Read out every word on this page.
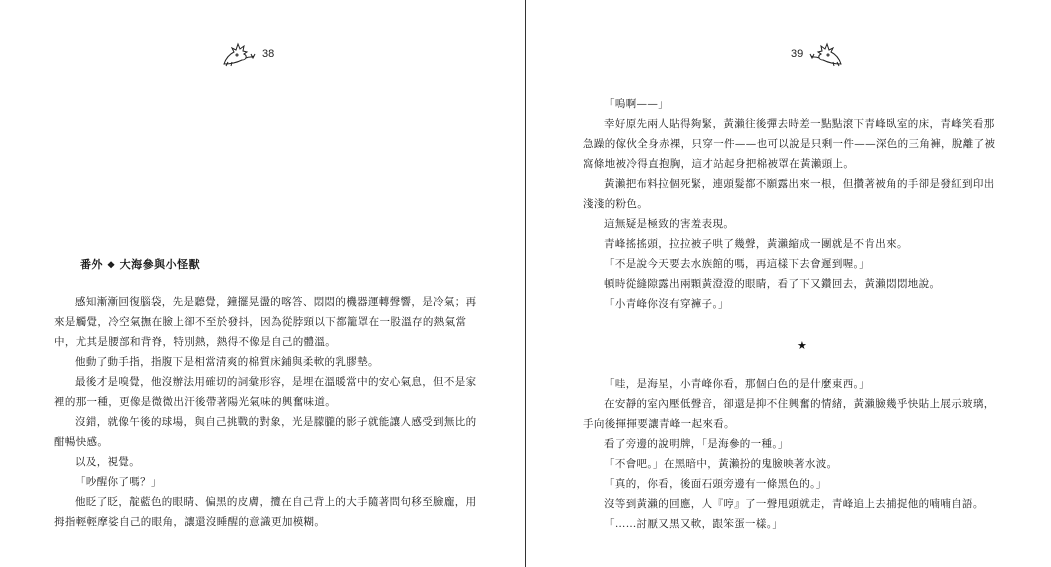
38
番外 ❖ 大海參與小怪獸

感知漸漸回復腦袋，先是聽覺，鐘擺晃盪的喀答、悶悶的機器運轉聲響，是冷氣；再來是觸覺，冷空氣撫在臉上卻不至於發抖，因為從脖頸以下都籠罩在一股溫存的熱氣當中，尤其是腰部和背脊，特別熱，熱得不像是自己的體溫。

他動了動手指，指腹下是相當清爽的棉質床鋪與柔軟的乳膠墊。

最後才是嗅覺，他沒辦法用確切的詞彙形容，是埋在溫暖當中的安心氣息，但不是家裡的那一種，更像是微微出汗後帶著陽光氣味的興奮味道。

沒錯，就像午後的球場，與自己挑戰的對象，光是朦朧的影子就能讓人感受到無比的酣暢快感。

以及，視覺。

「吵醒你了嗎？」

他眨了眨，靛藍色的眼睛、偏黑的皮膚，攬在自己背上的大手隨著問句移至臉龐，用拇指輕輕摩娑自己的眼角，讓還沒睡醒的意識更加模糊。

39

「嗚啊——」

幸好原先兩人貼得夠緊，黃瀨往後彈去時差一點點滾下青峰臥室的床，青峰笑看那急躁的傢伙全身赤裸，只穿一件——也可以說是只剩一件——深色的三角褲，脫離了被窩條地被冷得直抱胸，這才站起身把棉被罩在黃瀨頭上。

黃瀨把布料拉個死緊，連頭髮都不願露出來一根，但攢著被角的手卻是發紅到印出淺淺的粉色。

這無疑是極致的害羞表現。

青峰搖搖頭，拉拉被子哄了幾聲，黃瀨縮成一團就是不肯出來。

「不是說今天要去水族館的嗎，再這樣下去會遲到喔。」

頓時從縫隙露出兩顆黃澄澄的眼睛，看了下又鑽回去，黃瀨悶悶地說。

「小青峰你沒有穿褲子。」

★

「哇，是海星，小青峰你看，那個白色的是什麼東西。」

在安靜的室內壓低聲音，卻還是抑不住興奮的情緒，黃瀨臉幾乎快貼上展示玻璃，手向後揮揮要讓青峰一起來看。

看了旁邊的說明牌，「是海參的一種。」

「不會吧。」在黑暗中，黃瀨扮的鬼臉映著水波。

「真的，你看，後面石頭旁邊有一條黑色的。」

沒等到黃瀨的回應，人『哼』了一聲甩頭就走，青峰追上去捕捉他的喃喃自語。

「……討厭又黑又軟，跟笨蛋一樣。」
